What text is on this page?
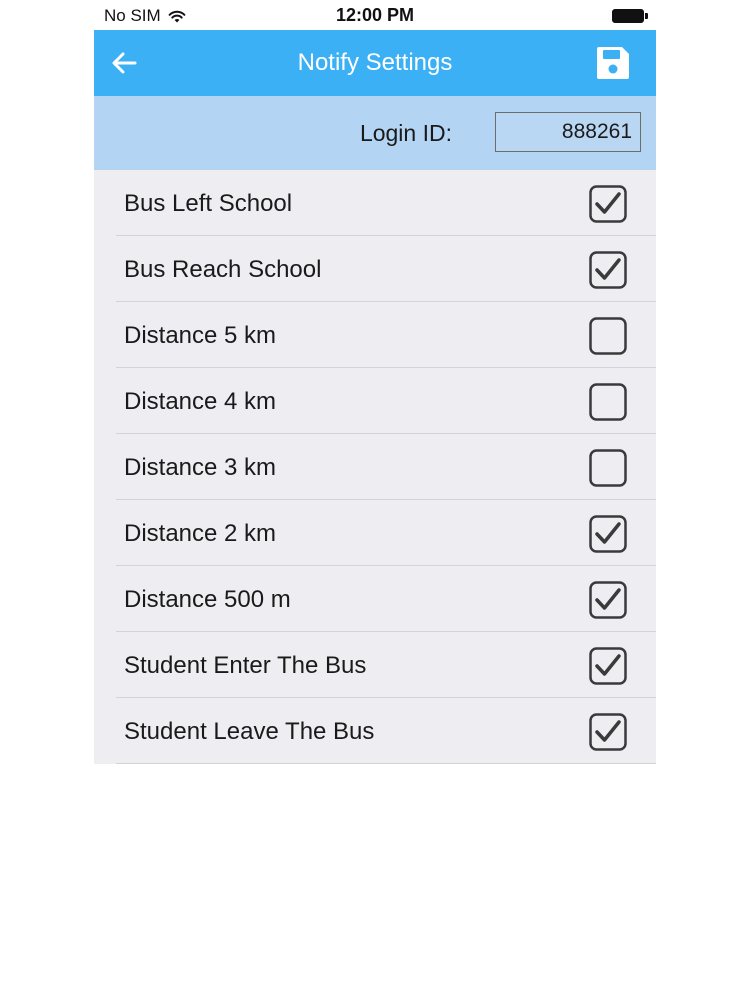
No SIM	12:00 PM
Notify Settings
Login ID:
888261
Bus Left School
Bus Reach School
Distance 5 km
Distance 4 km
Distance 3 km
Distance 2 km
Distance 500 m
Student Enter The Bus
Student Leave The Bus
